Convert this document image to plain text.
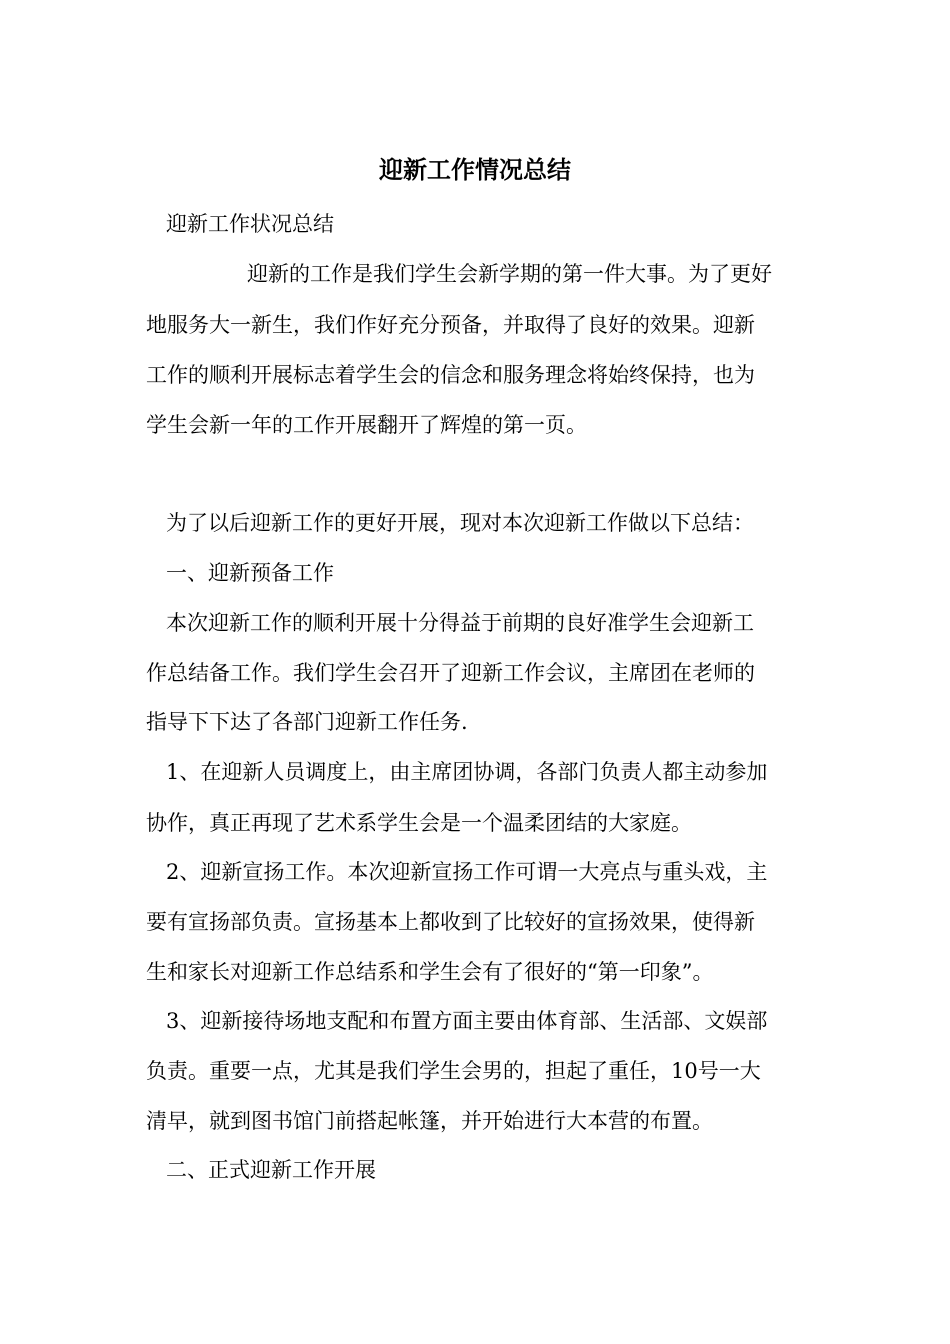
迎新工作情况总结
迎新工作状况总结
迎新的工作是我们学生会新学期的第一件大事。为了更好
地服务大一新生，我们作好充分预备，并取得了良好的效果。迎新
工作的顺利开展标志着学生会的信念和服务理念将始终保持，也为
学生会新一年的工作开展翻开了辉煌的第一页。
为了以后迎新工作的更好开展，现对本次迎新工作做以下总结：
一、迎新预备工作
本次迎新工作的顺利开展十分得益于前期的良好准学生会迎新工
作总结备工作。我们学生会召开了迎新工作会议，主席团在老师的
指导下下达了各部门迎新工作任务.
1、在迎新人员调度上，由主席团协调，各部门负责人都主动参加
协作，真正再现了艺术系学生会是一个温柔团结的大家庭。
2、迎新宣扬工作。本次迎新宣扬工作可谓一大亮点与重头戏，主
要有宣扬部负责。宣扬基本上都收到了比较好的宣扬效果，使得新
生和家长对迎新工作总结系和学生会有了很好的“第一印象”。
3、迎新接待场地支配和布置方面主要由体育部、生活部、文娱部
负责。重要一点，尤其是我们学生会男的，担起了重任，10号一大
清早，就到图书馆门前搭起帐篷，并开始进行大本营的布置。
二、正式迎新工作开展
